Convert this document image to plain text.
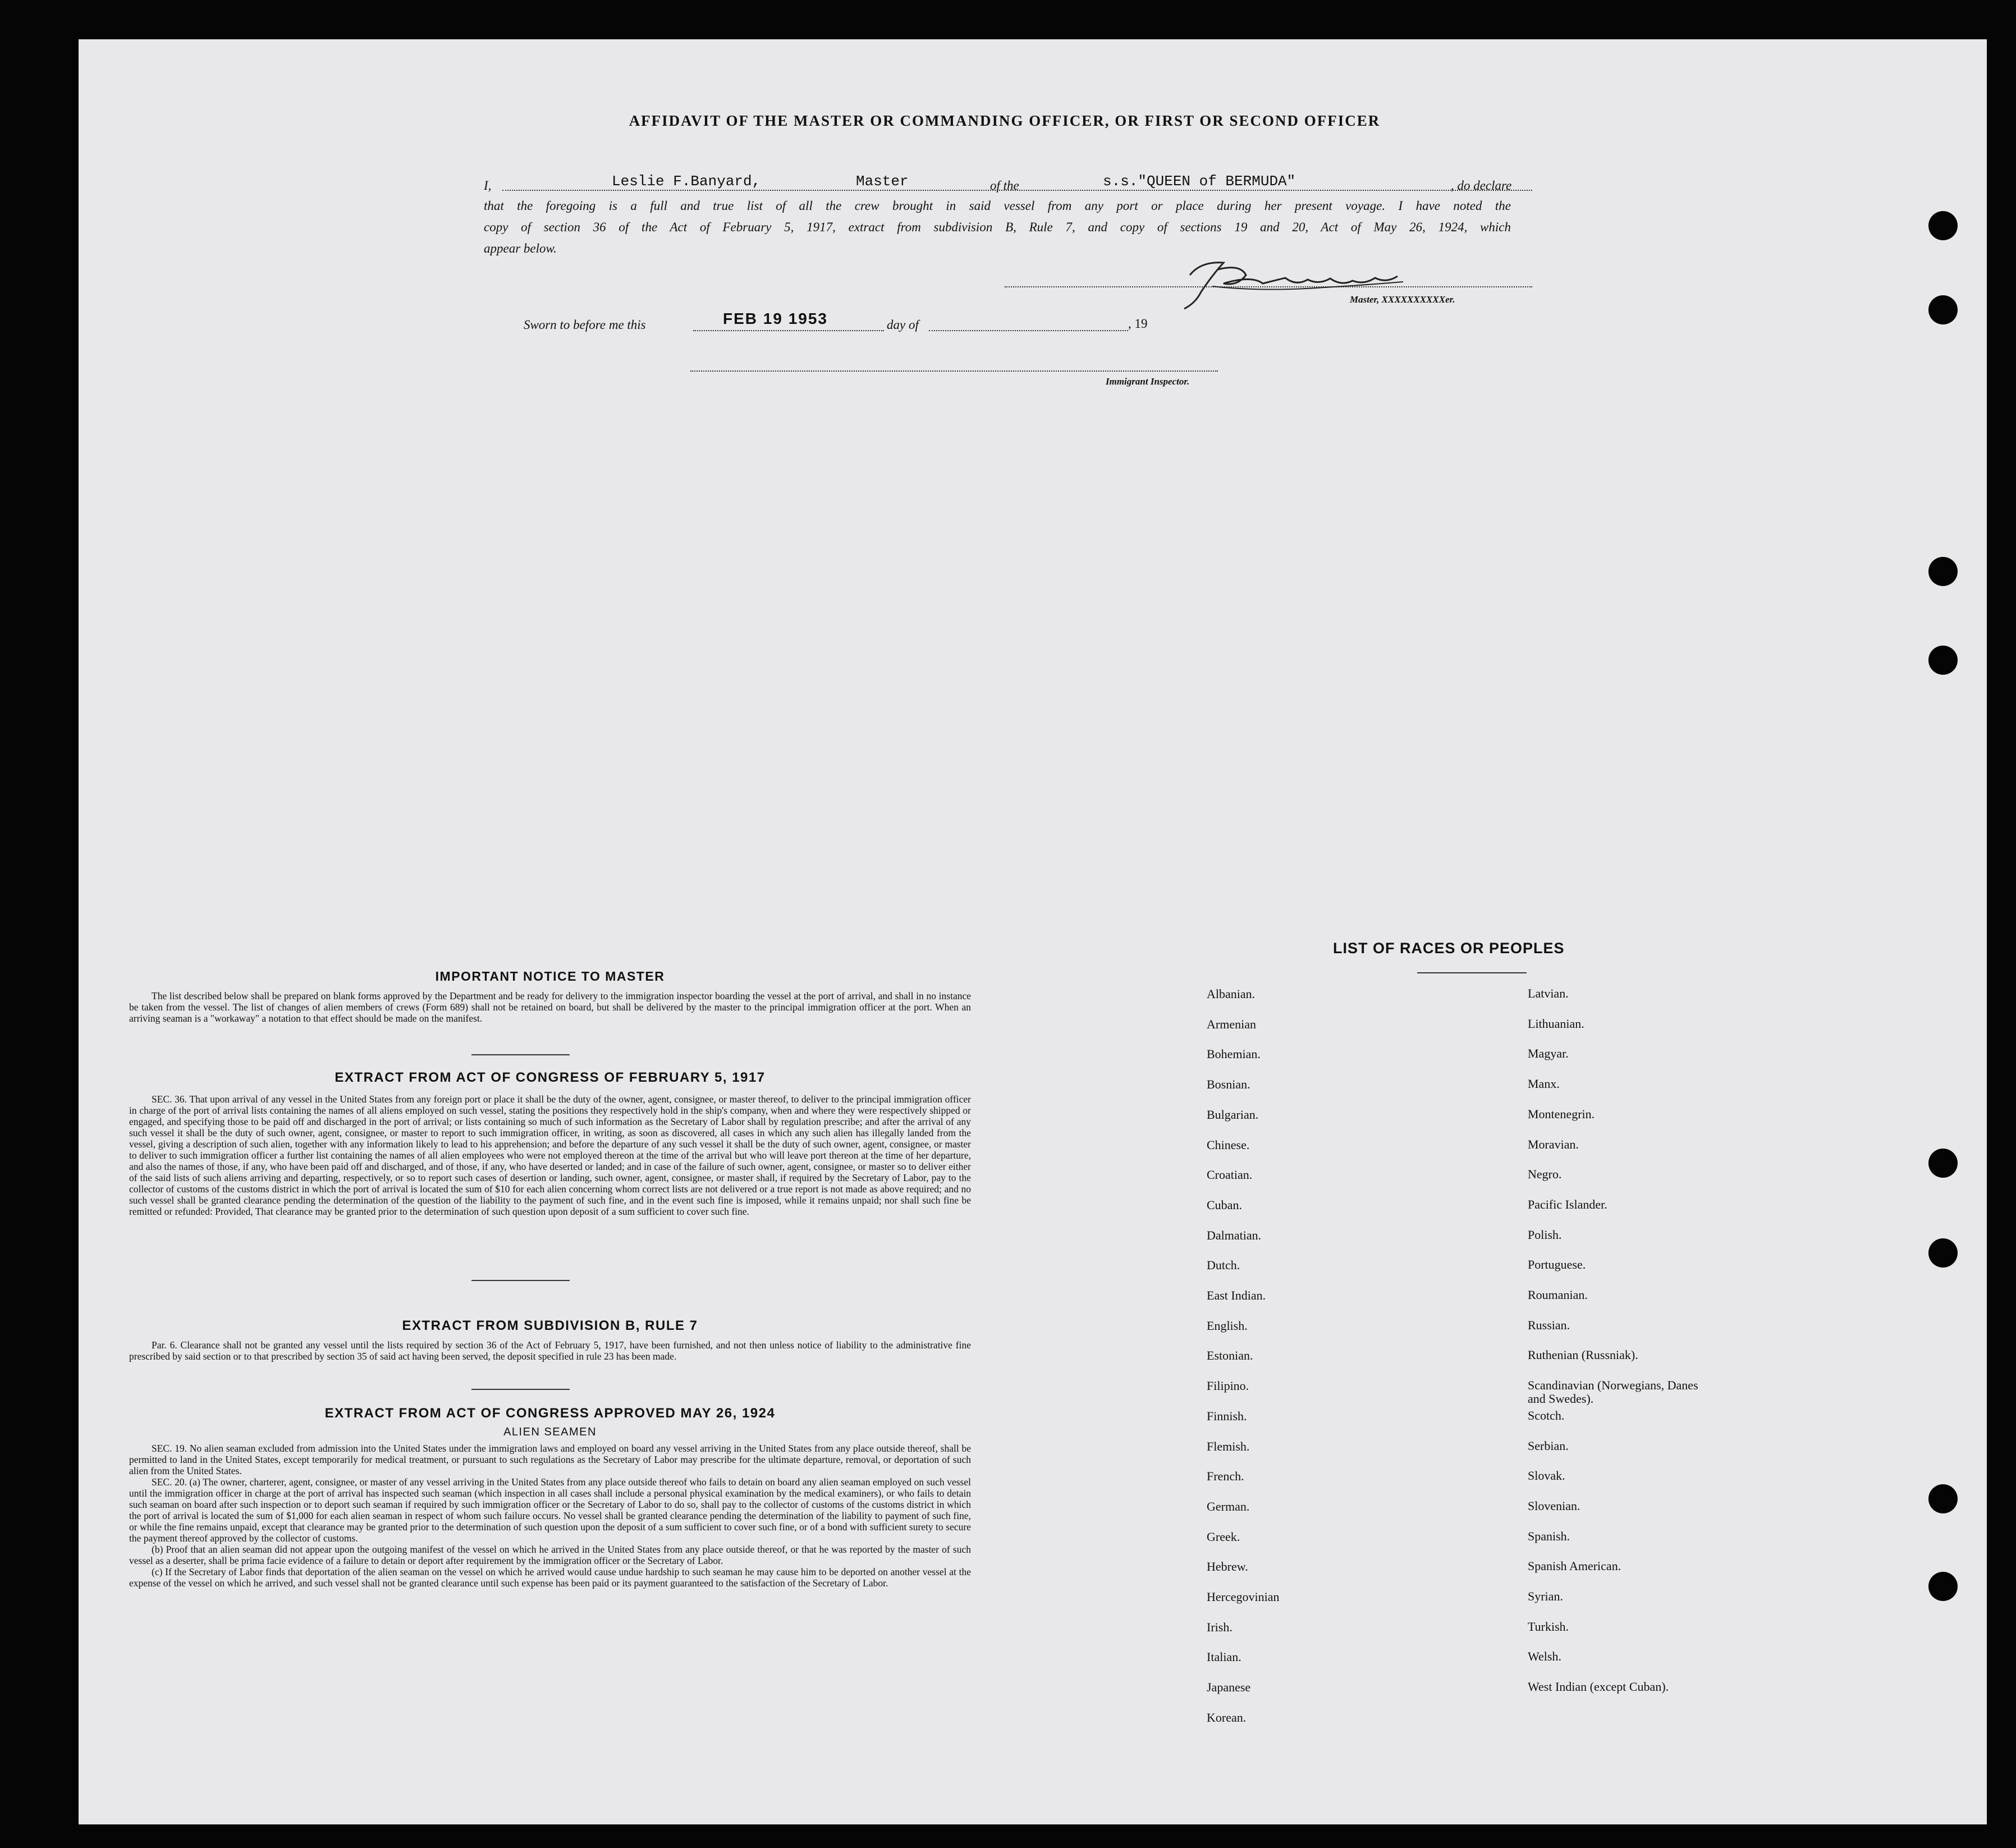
AFFIDAVIT OF THE MASTER OR COMMANDING OFFICER, OR FIRST OR SECOND OFFICER
I,	Leslie F.Banyard,	Master	of the	s.s."QUEEN of BERMUDA"	, do declare
that the foregoing is a full and true list of all the crew brought in said vessel from any port or place during her present voyage. I have noted the
copy of section 36 of the Act of February 5, 1917, extract from subdivision B, Rule 7, and copy of sections 19 and 20, Act of May 26, 1924, which
appear below.
Master, XXXXXXXXXXer.
Sworn to before me this	FEB 19 1953	day of	, 19
Immigrant Inspector.
IMPORTANT NOTICE TO MASTER

The list described below shall be prepared on blank forms approved by the Department and be ready for delivery to the immigration inspector boarding the vessel at the port of arrival, and shall in no instance be taken from the vessel. The list of changes of alien members of crews (Form 689) shall not be retained on board, but shall be delivered by the master to the principal immigration officer at the port. When an arriving seaman is a "workaway" a notation to that effect should be made on the manifest.

EXTRACT FROM ACT OF CONGRESS OF FEBRUARY 5, 1917

SEC. 36. That upon arrival of any vessel in the United States from any foreign port or place it shall be the duty of the owner, agent, consignee, or master thereof, to deliver to the principal immigration officer in charge of the port of arrival lists containing the names of all aliens employed on such vessel, stating the positions they respectively hold in the ship's company, when and where they were respectively shipped or engaged, and specifying those to be paid off and discharged in the port of arrival; or lists containing so much of such information as the Secretary of Labor shall by regulation prescribe; and after the arrival of any such vessel it shall be the duty of such owner, agent, consignee, or master to report to such immigration officer, in writing, as soon as discovered, all cases in which any such alien has illegally landed from the vessel, giving a description of such alien, together with any information likely to lead to his apprehension; and before the departure of any such vessel it shall be the duty of such owner, agent, consignee, or master to deliver to such immigration officer a further list containing the names of all alien employees who were not employed thereon at the time of the arrival but who will leave port thereon at the time of her departure, and also the names of those, if any, who have been paid off and discharged, and of those, if any, who have deserted or landed; and in case of the failure of such owner, agent, consignee, or master so to deliver either of the said lists of such aliens arriving and departing, respectively, or so to report such cases of desertion or landing, such owner, agent, consignee, or master shall, if required by the Secretary of Labor, pay to the collector of customs of the customs district in which the port of arrival is located the sum of $10 for each alien concerning whom correct lists are not delivered or a true report is not made as above required; and no such vessel shall be granted clearance pending the determination of the question of the liability to the payment of such fine, and in the event such fine is imposed, while it remains unpaid; nor shall such fine be remitted or refunded: Provided, That clearance may be granted prior to the determination of such question upon deposit of a sum sufficient to cover such fine.

EXTRACT FROM SUBDIVISION B, RULE 7

Par. 6. Clearance shall not be granted any vessel until the lists required by section 36 of the Act of February 5, 1917, have been furnished, and not then unless notice of liability to the administrative fine prescribed by said section or to that prescribed by section 35 of said act having been served, the deposit specified in rule 23 has been made.

EXTRACT FROM ACT OF CONGRESS APPROVED MAY 26, 1924
ALIEN SEAMEN

SEC. 19. No alien seaman excluded from admission into the United States under the immigration laws and employed on board any vessel arriving in the United States from any place outside thereof, shall be permitted to land in the United States, except temporarily for medical treatment, or pursuant to such regulations as the Secretary of Labor may prescribe for the ultimate departure, removal, or deportation of such alien from the United States.

SEC. 20. (a) The owner, charterer, agent, consignee, or master of any vessel arriving in the United States from any place outside thereof who fails to detain on board any alien seaman employed on such vessel until the immigration officer in charge at the port of arrival has inspected such seaman (which inspection in all cases shall include a personal physical examination by the medical examiners), or who fails to detain such seaman on board after such inspection or to deport such seaman if required by such immigration officer or the Secretary of Labor to do so, shall pay to the collector of customs of the customs district in which the port of arrival is located the sum of $1,000 for each alien seaman in respect of whom such failure occurs. No vessel shall be granted clearance pending the determination of the liability to payment of such fine, or while the fine remains unpaid, except that clearance may be granted prior to the determination of such question upon the deposit of a sum sufficient to cover such fine, or of a bond with sufficient surety to secure the payment thereof approved by the collector of customs.

(b) Proof that an alien seaman did not appear upon the outgoing manifest of the vessel on which he arrived in the United States from any place outside thereof, or that he was reported by the master of such vessel as a deserter, shall be prima facie evidence of a failure to detain or deport after requirement by the immigration officer or the Secretary of Labor.

(c) If the Secretary of Labor finds that deportation of the alien seaman on the vessel on which he arrived would cause undue hardship to such seaman he may cause him to be deported on another vessel at the expense of the vessel on which he arrived, and such vessel shall not be granted clearance until such expense has been paid or its payment guaranteed to the satisfaction of the Secretary of Labor.

LIST OF RACES OR PEOPLES
Albanian.
Armenian
Bohemian.
Bosnian.
Bulgarian.
Chinese.
Croatian.
Cuban.
Dalmatian.
Dutch.
East Indian.
English.
Estonian.
Filipino.
Finnish.
Flemish.
French.
German.
Greek.
Hebrew.
Hercegovinian
Irish.
Italian.
Japanese
Korean.
Latvian.
Lithuanian.
Magyar.
Manx.
Montenegrin.
Moravian.
Negro.
Pacific Islander.
Polish.
Portuguese.
Roumanian.
Russian.
Ruthenian (Russniak).
Scandinavian (Norwegians, Danes and Swedes).
Scotch.
Serbian.
Slovak.
Slovenian.
Spanish.
Spanish American.
Syrian.
Turkish.
Welsh.
West Indian (except Cuban).
